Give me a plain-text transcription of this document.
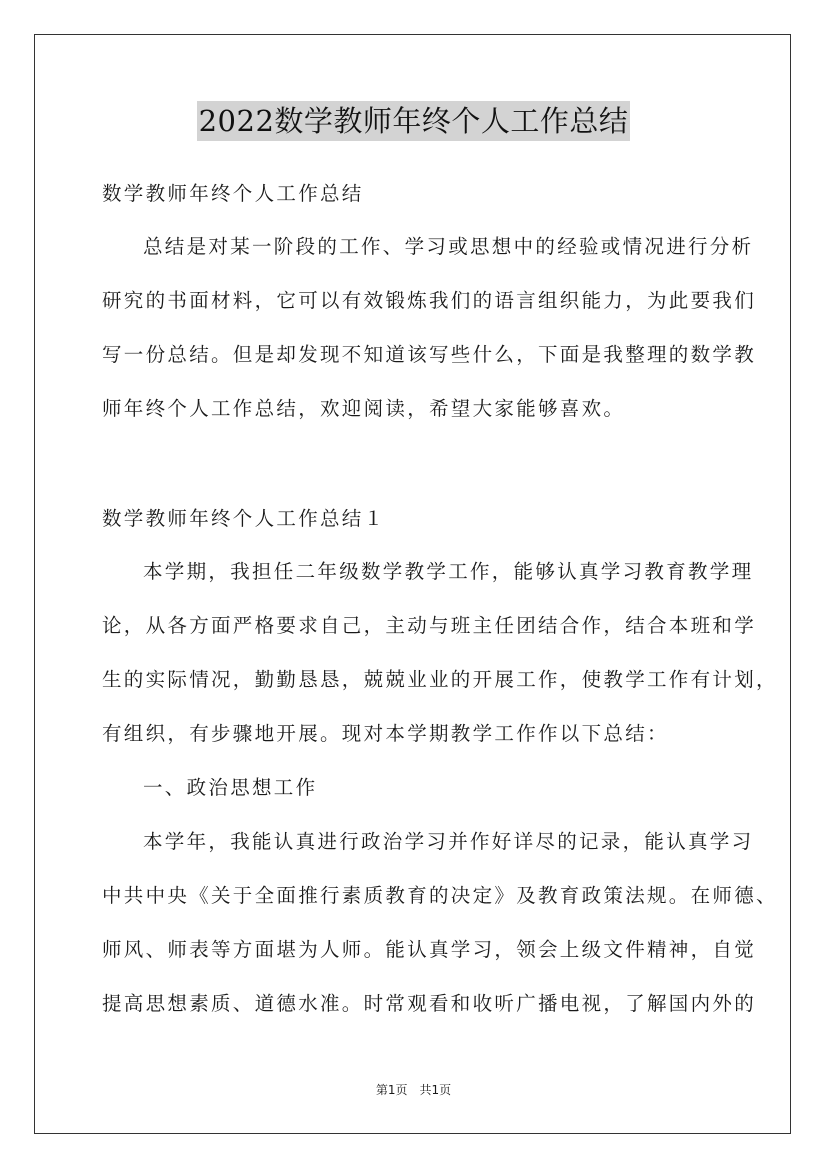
2022数学教师年终个人工作总结
数学教师年终个人工作总结
总结是对某一阶段的工作、学习或思想中的经验或情况进行分析
研究的书面材料，它可以有效锻炼我们的语言组织能力，为此要我们
写一份总结。但是却发现不知道该写些什么，下面是我整理的数学教
师年终个人工作总结，欢迎阅读，希望大家能够喜欢。
数学教师年终个人工作总结１
本学期，我担任二年级数学教学工作，能够认真学习教育教学理
论，从各方面严格要求自己，主动与班主任团结合作，结合本班和学
生的实际情况，勤勤恳恳，兢兢业业的开展工作，使教学工作有计划，
有组织，有步骤地开展。现对本学期教学工作作以下总结：
一、政治思想工作
本学年，我能认真进行政治学习并作好详尽的记录，能认真学习
中共中央《关于全面推行素质教育的决定》及教育政策法规。在师德、
师风、师表等方面堪为人师。能认真学习，领会上级文件精神，自觉
提高思想素质、道德水准。时常观看和收听广播电视，了解国内外的
第1页　共1页
